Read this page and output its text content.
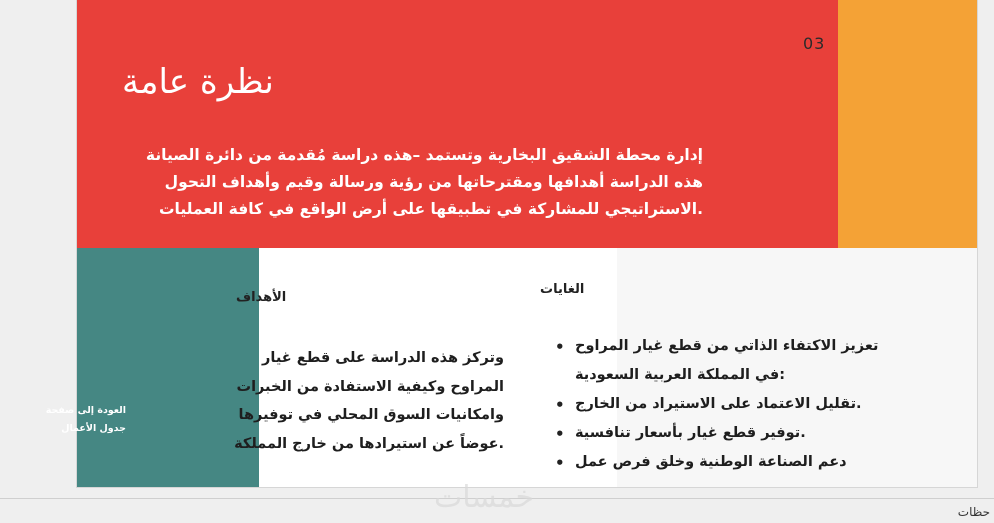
03
نظرة عامة

إدارة محطة الشقيق البخارية وتستمد –هذه دراسة مُقدمة من دائرة الصيانة

هذه الدراسة أهدافها ومقترحاتها من رؤية ورسالة وقيم وأهداف التحول

.الاستراتيجي للمشاركة في تطبيقها على أرض الواقع في كافة العمليات

العودة إلى صفحة
جدول الأعمال
الأهداف

وتركز هذه الدراسة على قطع غيار

المراوح وكيفية الاستفادة من الخبرات

وامكانيات السوق المحلي في توفيرها

.عوضاً عن استيرادها من خارج المملكة

الغايات
• تعزيز الاكتفاء الذاتي من قطع غيار المراوح
:في المملكة العربية السعودية
• .تقليل الاعتماد على الاستيراد من الخارج
• .توفير قطع غيار بأسعار تنافسية
• دعم الصناعة الوطنية وخلق فرص عمل
خمسات	حظات
